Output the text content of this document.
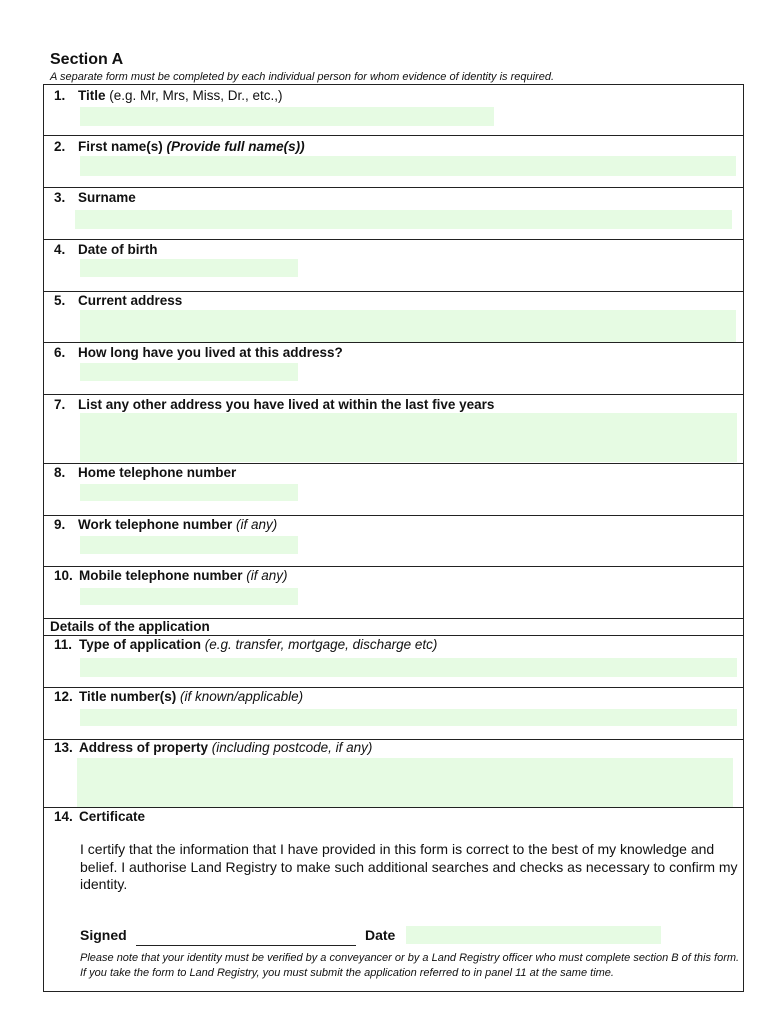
Section A
A separate form must be completed by each individual person for whom evidence of identity is required.
1. Title (e.g. Mr, Mrs, Miss, Dr., etc.,)
2. First name(s) (Provide full name(s))
3. Surname
4. Date of birth
5. Current address
6. How long have you lived at this address?
7. List any other address you have lived at within the last five years
8. Home telephone number
9. Work telephone number (if any)
10. Mobile telephone number (if any)
Details of the application
11. Type of application (e.g. transfer, mortgage, discharge etc)
12. Title number(s) (if known/applicable)
13. Address of property (including postcode, if any)
14. Certificate
I certify that the information that I have provided in this form is correct to the best of my knowledge and belief. I authorise Land Registry to make such additional searches and checks as necessary to confirm my identity.
Signed	Date
Please note that your identity must be verified by a conveyancer or by a Land Registry officer who must complete section B of this form. If you take the form to Land Registry, you must submit the application referred to in panel 11 at the same time.
